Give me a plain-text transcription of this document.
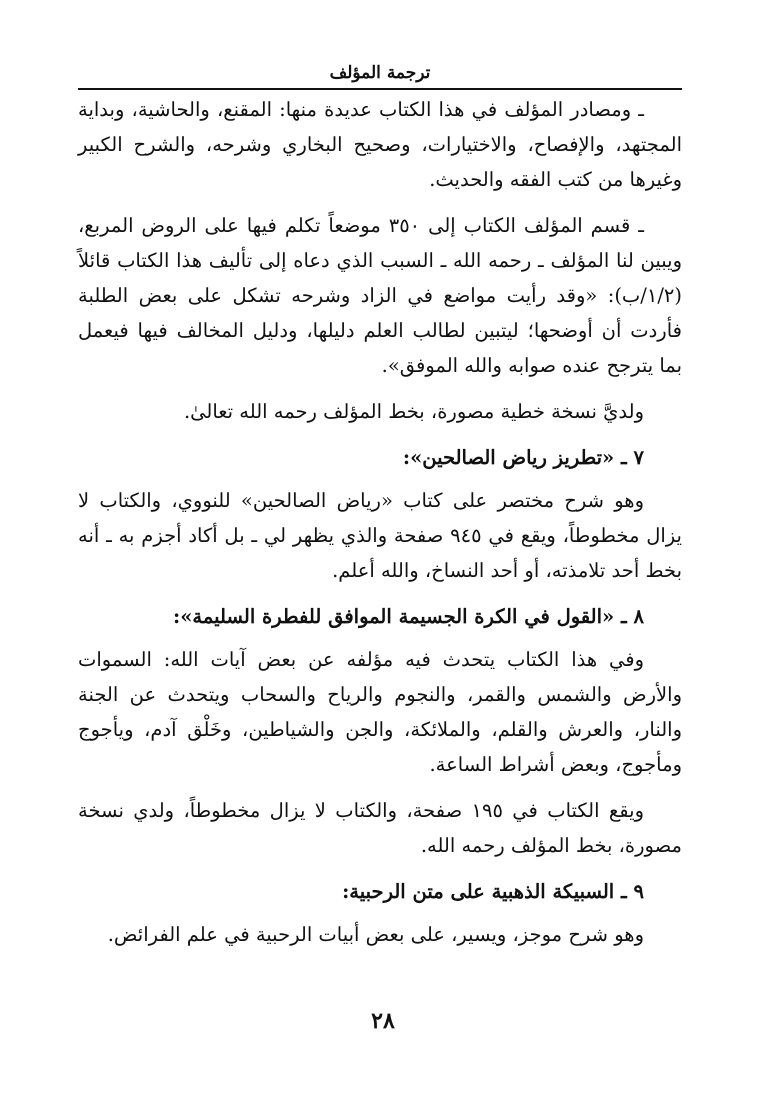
ترجمة المؤلف

ـ ومصادر المؤلف في هذا الكتاب عديدة منها: المقنع، والحاشية، وبداية المجتهد، والإفصاح، والاختيارات، وصحيح البخاري وشرحه، والشرح الكبير وغيرها من كتب الفقه والحديث.

ـ قسم المؤلف الكتاب إلى ٣٥٠ موضعاً تكلم فيها على الروض المربع، ويبين لنا المؤلف ـ رحمه الله ـ السبب الذي دعاه إلى تأليف هذا الكتاب قائلاً (١/٢/ب): «وقد رأيت مواضع في الزاد وشرحه تشكل على بعض الطلبة فأردت أن أوضحها؛ ليتبين لطالب العلم دليلها، ودليل المخالف فيها فيعمل بما يترجح عنده صوابه والله الموفق».

ولديَّ نسخة خطية مصورة، بخط المؤلف رحمه الله تعالىٰ.

٧ ـ «تطريز رياض الصالحين»:

وهو شرح مختصر على كتاب «رياض الصالحين» للنووي، والكتاب لا يزال مخطوطاً، ويقع في ٩٤٥ صفحة والذي يظهر لي ـ بل أكاد أجزم به ـ أنه بخط أحد تلامذته، أو أحد النساخ، والله أعلم.

٨ ـ «القول في الكرة الجسيمة الموافق للفطرة السليمة»:

وفي هذا الكتاب يتحدث فيه مؤلفه عن بعض آيات الله: السموات والأرض والشمس والقمر، والنجوم والرياح والسحاب ويتحدث عن الجنة والنار، والعرش والقلم، والملائكة، والجن والشياطين، وخَلْق آدم، ويأجوج ومأجوج، وبعض أشراط الساعة.

ويقع الكتاب في ١٩٥ صفحة، والكتاب لا يزال مخطوطاً، ولدي نسخة مصورة، بخط المؤلف رحمه الله.

٩ ـ السبيكة الذهبية على متن الرحبية:

وهو شرح موجز، ويسير، على بعض أبيات الرحبية في علم الفرائض.

٢٨
